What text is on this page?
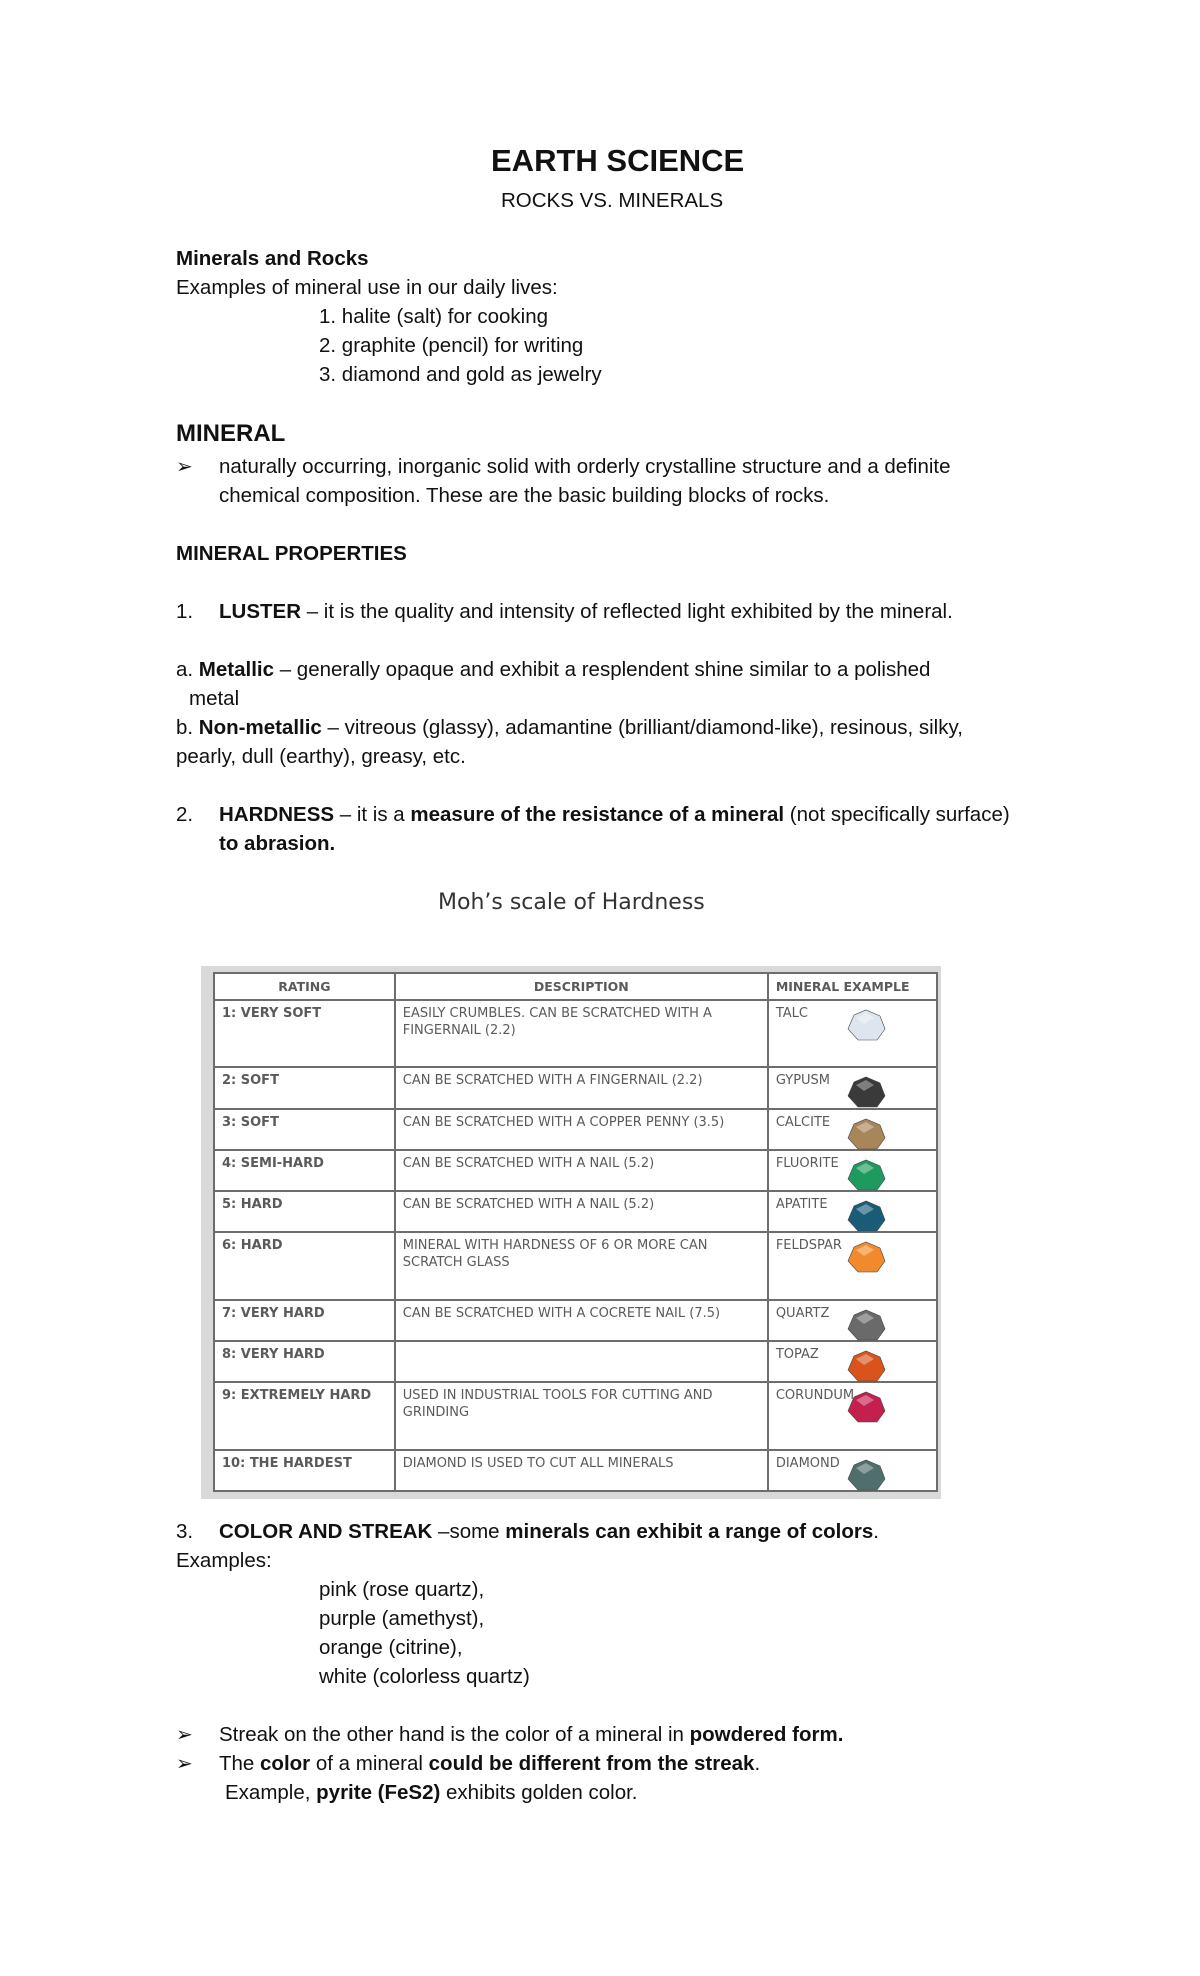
EARTH SCIENCE
ROCKS VS. MINERALS
Minerals and Rocks
Examples of mineral use in our daily lives:
1. halite (salt) for cooking
2. graphite (pencil) for writing
3. diamond and gold as jewelry
MINERAL
➢ naturally occurring, inorganic solid with orderly crystalline structure and a definite
chemical composition. These are the basic building blocks of rocks.
MINERAL PROPERTIES
1. LUSTER – it is the quality and intensity of reflected light exhibited by the mineral.
a. Metallic – generally opaque and exhibit a resplendent shine similar to a polished
metal
b. Non-metallic – vitreous (glassy), adamantine (brilliant/diamond-like), resinous, silky,
pearly, dull (earthy), greasy, etc.
2. HARDNESS – it is a measure of the resistance of a mineral (not specifically surface)
to abrasion.
Moh’s scale of Hardness
RATING	DESCRIPTION	MINERAL EXAMPLE
1: VERY SOFT	EASILY CRUMBLES. CAN BE SCRATCHED WITH A FINGERNAIL (2.2)	TALC

2: SOFT	CAN BE SCRATCHED WITH A FINGERNAIL (2.2)	GYPUSM

3: SOFT	CAN BE SCRATCHED WITH A COPPER PENNY (3.5)	CALCITE

4: SEMI-HARD	CAN BE SCRATCHED WITH A NAIL (5.2)	FLUORITE

5: HARD	CAN BE SCRATCHED WITH A NAIL (5.2)	APATITE

6: HARD	MINERAL WITH HARDNESS OF 6 OR MORE CAN SCRATCH GLASS	FELDSPAR

7: VERY HARD	CAN BE SCRATCHED WITH A COCRETE NAIL (7.5)	QUARTZ

8: VERY HARD		TOPAZ

9: EXTREMELY HARD	USED IN INDUSTRIAL TOOLS FOR CUTTING AND GRINDING	CORUNDUM

10: THE HARDEST	DIAMOND IS USED TO CUT ALL MINERALS	DIAMOND
3. COLOR AND STREAK –some minerals can exhibit a range of colors.
Examples:
pink (rose quartz),
purple (amethyst),
orange (citrine),
white (colorless quartz)
➢ Streak on the other hand is the color of a mineral in powdered form.
➢ The color of a mineral could be different from the streak.
Example, pyrite (FeS2) exhibits golden color.
